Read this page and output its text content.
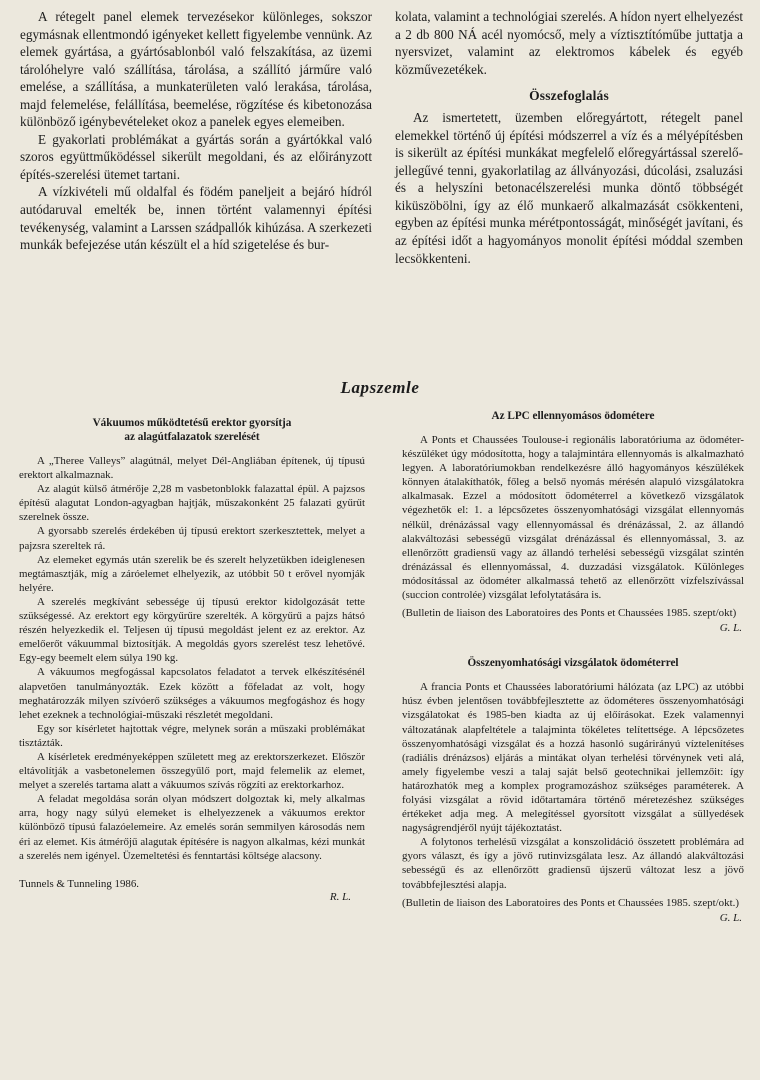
A rétegelt panel elemek tervezésekor különleges, sokszor egymásnak ellentmondó igényeket kellett figyelembe vennünk. Az elemek gyártása, a gyártósablonból való felszakítása, az üzemi tárolóhelyre való szállítása, tárolása, a szállító járműre való emelése, a szállítása, a munkaterületen való lerakása, tárolása, majd felemelése, felállítása, beemelése, rögzítése és kibetonozása különböző igénybevételeket okoz a panelek egyes elemeiben.

E gyakorlati problémákat a gyártás során a gyártókkal való szoros együttműködéssel sikerült megoldani, és az előirányzott építés-szerelési ütemet tartani.

A vízkivételi mű oldalfal és födém paneljeit a bejáró hídról autódaruval emelték be, innen történt valamennyi építési tevékenység, valamint a Larssen szádpallók kihúzása. A szerkezeti munkák befejezése után készült el a híd szigetelése és bur-

kolata, valamint a technológiai szerelés. A hídon nyert elhelyezést a 2 db 800 NÁ acél nyomócső, mely a víztisztítóműbe juttatja a nyersvizet, valamint az elektromos kábelek és egyéb közművezetékek.

Összefoglalás

Az ismertetett, üzemben előregyártott, rétegelt panel elemekkel történő új építési módszerrel a víz és a mélyépítésben is sikerült az építési munkákat megfelelő előregyártással szerelő-jellegűvé tenni, gyakorlatilag az állványozási, dúcolási, zsaluzási és a helyszíni betonacélszerelési munka döntő többségét kiküszöbölni, így az élő munkaerő alkalmazását csökkenteni, egyben az építési munka mérétpontosságát, minőségét javítani, és az építési időt a hagyományos monolit építési móddal szemben lecsökkenteni.

Lapszemle
Vákuumos működtetésű erektor gyorsítja
az alagútfalazatok szerelését

A „Theree Valleys” alagútnál, melyet Dél-Angliában építenek, új típusú erektort alkalmaznak.

Az alagút külső átmérője 2,28 m vasbetonblokk falazattal épül. A pajzsos építésű alagutat London-agyagban hajtják, műszakonként 25 falazati gyűrűt szerelnek össze.

A gyorsabb szerelés érdekében új típusú erektort szerkesztettek, melyet a pajzsra szereltek rá.

Az elemeket egymás után szerelik be és szerelt helyzetükben ideiglenesen megtámasztják, míg a záróelemet elhelyezik, az utóbbit 50 t erővel nyomják helyére.

A szerelés megkívánt sebessége új típusú erektor kidolgozását tette szükségessé. Az erektort egy körgyűrűre szerelték. A körgyűrű a pajzs hátsó részén helyezkedik el. Teljesen új típusú megoldást jelent ez az erektor. Az emelőerőt vákuummal biztosítják. A megoldás gyors szerelést tesz lehetővé. Egy-egy beemelt elem súlya 190 kg.

A vákuumos megfogással kapcsolatos feladatot a tervek elkészítésénél alapvetően tanulmányozták. Ezek között a főfeladat az volt, hogy meghatározzák milyen szívóerő szükséges a vákuumos megfogáshoz és hogy lehet ezeknek a technológiai-műszaki részletét megoldani.

Egy sor kísérletet hajtottak végre, melynek során a műszaki problémákat tisztázták.

A kísérletek eredményeképpen született meg az erektorszerkezet. Először eltávolítják a vasbetonelemen összegyűlő port, majd felemelik az elemet, melyet a szerelés tartama alatt a vákuumos szívás rögzíti az erektorkarhoz.

A feladat megoldása során olyan módszert dolgoztak ki, mely alkalmas arra, hogy nagy súlyú elemeket is elhelyezzenek a vákuumos erektor különböző típusú falazóelemeire. Az emelés során semmilyen károsodás nem éri az elemet. Kis átmérőjű alagutak építésére is nagyon alkalmas, kézi munkát a szerelés nem igényel. Üzemeltetési és fenntartási költsége alacsony.

Tunnels & Tunneling 1986.

R. L.
Az LPC ellennyomásos ödométere

A Ponts et Chaussées Toulouse-i regionális laboratóriuma az ödométer-készüléket úgy módosította, hogy a talajmintára ellennyomás is alkalmazható legyen. A laboratóriumokban rendelkezésre álló hagyományos készülékek könnyen átalakíthatók, főleg a belső nyomás mérésén alapuló vizsgálatokra alkalmasak. Ezzel a módosított ödométerrel a következő vizsgálatok végezhetők el: 1. a lépcsőzetes összenyomhatósági vizsgálat ellennyomás nélkül, drénázással vagy ellennyomással és drénázással, 2. az állandó alakváltozási sebességű vizsgálat drénázással és ellennyomással, 3. az ellenőrzött gradiensű vagy az állandó terhelési sebességű vizsgálat szintén drénázással és ellennyomással, 4. duzzadási vizsgálatok. Különleges módosítással az ödométer alkalmassá tehető az ellenőrzött vízfelszívással (succion controlée) vizsgálat lefolytatására is.

(Bulletin de liaison des Laboratoires des Ponts et Chaussées 1985. szept/okt)

G. L.
Összenyomhatósági vizsgálatok ödométerrel

A francia Ponts et Chaussées laboratóriumi hálózata (az LPC) az utóbbi húsz évben jelentősen továbbfejlesztette az ödométeres összenyomhatósági vizsgálatokat és 1985-ben kiadta az új előírásokat. Ezek valamennyi változatának alapfeltétele a talajminta tökéletes telítettsége. A lépcsőzetes összenyomhatósági vizsgálat és a hozzá hasonló sugárirányú víztelenítéses (radiális drénázsos) eljárás a mintákat olyan terhelési törvénynek veti alá, amely figyelembe veszi a talaj saját belső geotechnikai jellemzőit: így határozhatók meg a komplex programozáshoz szükséges paraméterek. A folyási vizsgálat a rövid időtartamára történő méretezéshez szükséges értékeket adja meg. A melegítéssel gyorsított vizsgálat a süllyedések nagyságrendjéről nyújt tájékoztatást.

A folytonos terhelésű vizsgálat a konszolidáció összetett problémára ad gyors választ, és így a jövő rutinvizsgálata lesz. Az állandó alakváltozási sebességű és az ellenőrzött gradiensű újszerű változat lesz a jövő továbbfejlesztési alapja.

(Bulletin de liaison des Laboratoires des Ponts et Chaussées 1985. szept/okt.)

G. L.
